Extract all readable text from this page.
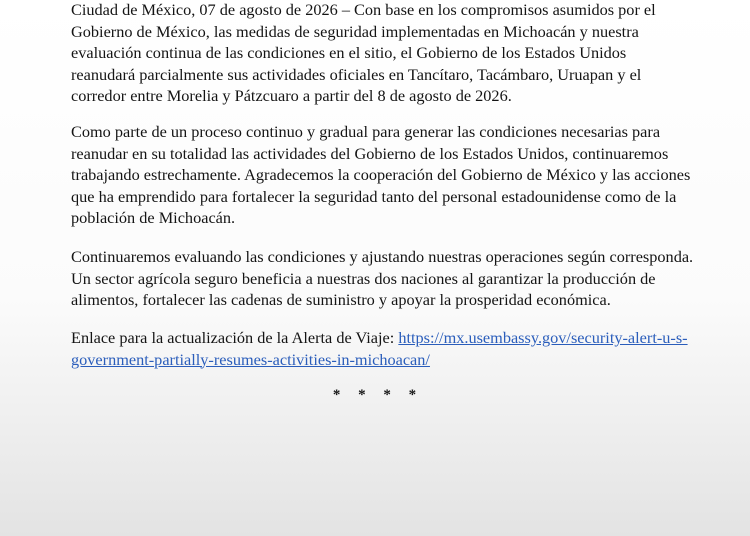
Ciudad de México, 07 de agosto de 2026 – Con base en los compromisos asumidos por el
Gobierno de México, las medidas de seguridad implementadas en Michoacán y nuestra
evaluación continua de las condiciones en el sitio, el Gobierno de los Estados Unidos
reanudará parcialmente sus actividades oficiales en Tancítaro, Tacámbaro, Uruapan y el
corredor entre Morelia y Pátzcuaro a partir del 8 de agosto de 2026.
Como parte de un proceso continuo y gradual para generar las condiciones necesarias para
reanudar en su totalidad las actividades del Gobierno de los Estados Unidos, continuaremos
trabajando estrechamente. Agradecemos la cooperación del Gobierno de México y las acciones
que ha emprendido para fortalecer la seguridad tanto del personal estadounidense como de la
población de Michoacán.
Continuaremos evaluando las condiciones y ajustando nuestras operaciones según corresponda.
Un sector agrícola seguro beneficia a nuestras dos naciones al garantizar la producción de
alimentos, fortalecer las cadenas de suministro y apoyar la prosperidad económica.
Enlace para la actualización de la Alerta de Viaje: https://mx.usembassy.gov/security-alert-u-s-
government-partially-resumes-activities-in-michoacan/
* * * *
